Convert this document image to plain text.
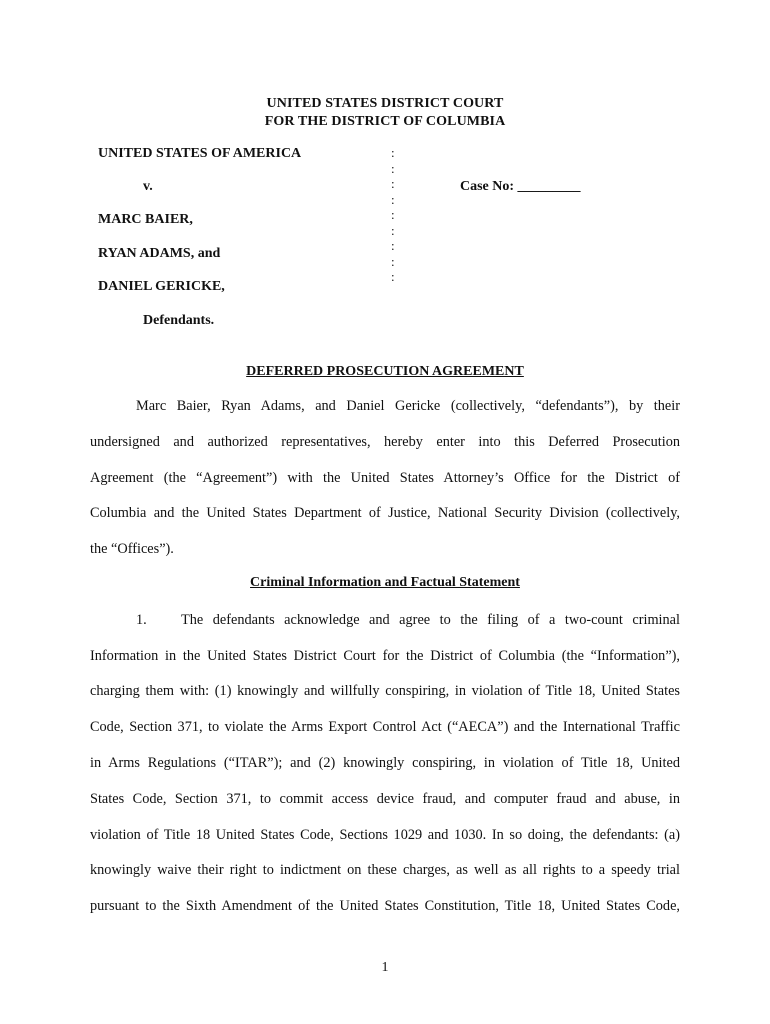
UNITED STATES DISTRICT COURT
FOR THE DISTRICT OF COLUMBIA
UNITED STATES OF AMERICA
v.
MARC BAIER,
RYAN ADAMS, and
DANIEL GERICKE,
Defendants.
:
:
:
:
:
:
:
:
:
Case No: _________
DEFERRED PROSECUTION AGREEMENT
Marc Baier, Ryan Adams, and Daniel Gericke (collectively, “defendants”), by their
undersigned and authorized representatives, hereby enter into this Deferred Prosecution
Agreement (the “Agreement”) with the United States Attorney’s Office for the District of
Columbia and the United States Department of Justice, National Security Division (collectively,
the “Offices”).
Criminal Information and Factual Statement
1. The defendants acknowledge and agree to the filing of a two-count criminal
Information in the United States District Court for the District of Columbia (the “Information”),
charging them with: (1) knowingly and willfully conspiring, in violation of Title 18, United States
Code, Section 371, to violate the Arms Export Control Act (“AECA”) and the International Traffic
in Arms Regulations (“ITAR”); and (2) knowingly conspiring, in violation of Title 18, United
States Code, Section 371, to commit access device fraud, and computer fraud and abuse, in
violation of Title 18 United States Code, Sections 1029 and 1030. In so doing, the defendants: (a)
knowingly waive their right to indictment on these charges, as well as all rights to a speedy trial
pursuant to the Sixth Amendment of the United States Constitution, Title 18, United States Code,
1
